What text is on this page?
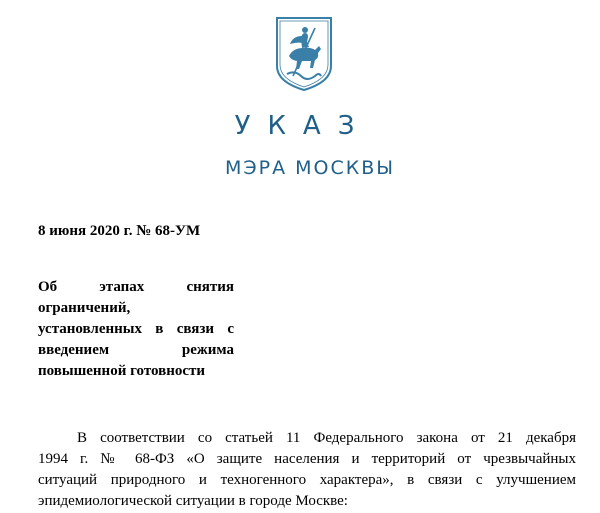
УКАЗ
МЭРА МОСКВЫ
8 июня 2020 г. № 68-УМ
Об этапах снятия
ограничений,
установленных в связи с
введением режима
повышенной готовности
В соответствии со статьей 11 Федерального закона от 21 декабря
1994 г. № 68-ФЗ «О защите населения и территорий от чрезвычайных
ситуаций природного и техногенного характера», в связи с улучшением
эпидемиологической ситуации в городе Москве:
